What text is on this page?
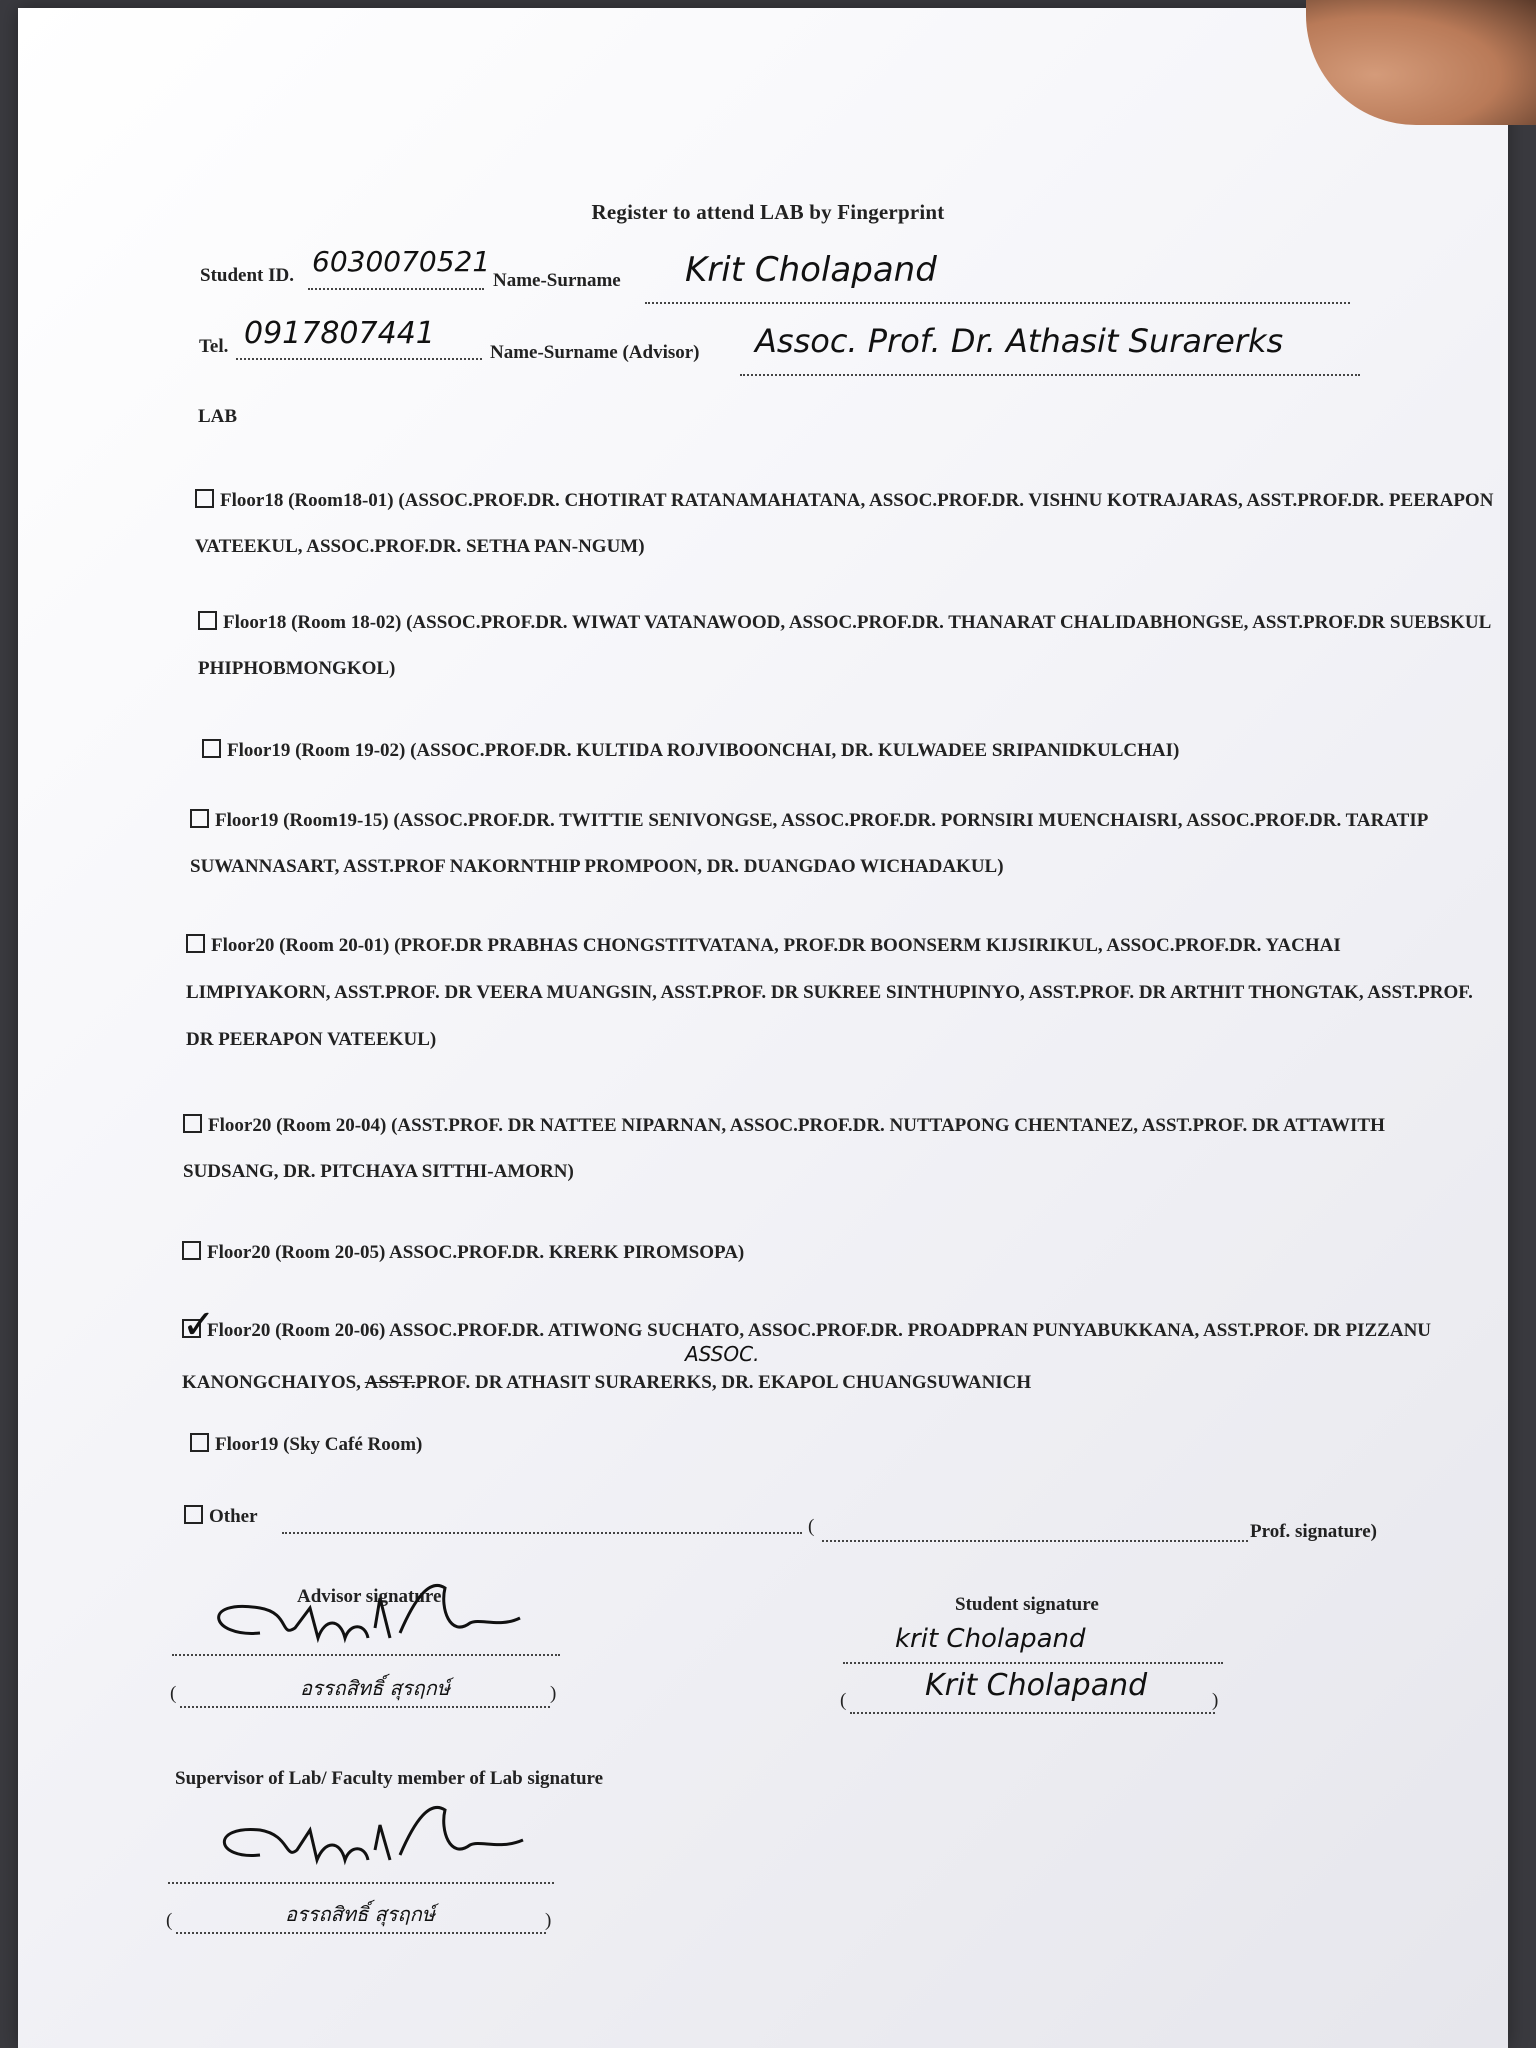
Register to attend LAB by Fingerprint
Student ID. 6030070521
Name-Surname Krit Cholapand
Tel. 0917807441
Name-Surname (Advisor) Assoc. Prof. Dr. Athasit Surarerks
LAB
Floor18 (Room18-01) (ASSOC.PROF.DR. CHOTIRAT RATANAMAHATANA, ASSOC.PROF.DR. VISHNU KOTRAJARAS, ASST.PROF.DR. PEERAPON VATEEKUL, ASSOC.PROF.DR. SETHA PAN-NGUM)
Floor18 (Room 18-02) (ASSOC.PROF.DR. WIWAT VATANAWOOD, ASSOC.PROF.DR. THANARAT CHALIDABHONGSE, ASST.PROF.DR SUEBSKUL PHIPHOBMONGKOL)
Floor19 (Room 19-02) (ASSOC.PROF.DR. KULTIDA ROJVIBOONCHAI, DR. KULWADEE SRIPANIDKULCHAI)
Floor19 (Room19-15) (ASSOC.PROF.DR. TWITTIE SENIVONGSE, ASSOC.PROF.DR. PORNSIRI MUENCHAISRI, ASSOC.PROF.DR. TARATIP SUWANNASART, ASST.PROF NAKORNTHIP PROMPOON, DR. DUANGDAO WICHADAKUL)
Floor20 (Room 20-01) (PROF.DR PRABHAS CHONGSTITVATANA, PROF.DR BOONSERM KIJSIRIKUL, ASSOC.PROF.DR. YACHAI LIMPIYAKORN, ASST.PROF. DR VEERA MUANGSIN, ASST.PROF. DR SUKREE SINTHUPINYO, ASST.PROF. DR ARTHIT THONGTAK, ASST.PROF. DR PEERAPON VATEEKUL)
Floor20 (Room 20-04) (ASST.PROF. DR NATTEE NIPARNAN, ASSOC.PROF.DR. NUTTAPONG CHENTANEZ, ASST.PROF. DR ATTAWITH SUDSANG, DR. PITCHAYA SITTHI-AMORN)
Floor20 (Room 20-05) ASSOC.PROF.DR. KRERK PIROMSOPA)
✓
Floor20 (Room 20-06) ASSOC.PROF.DR. ATIWONG SUCHATO, ASSOC.PROF.DR. PROADPRAN PUNYABUKKANA, ASST.PROF. DR PIZZANU KANONGCHAIYOS, ASST.PROF. DR ATHASIT SURARERKS, DR. EKAPOL CHUANGSUWANICH
ASSOC.
Floor19 (Sky Café Room)
Other	(	Prof. signature)
Advisor signature
(	อรรถสิทธิ์ สุรฤกษ์	)
Student signature
krit Cholapand
(	Krit Cholapand	)
Supervisor of Lab/ Faculty member of Lab signature
(	อรรถสิทธิ์ สุรฤกษ์	)
